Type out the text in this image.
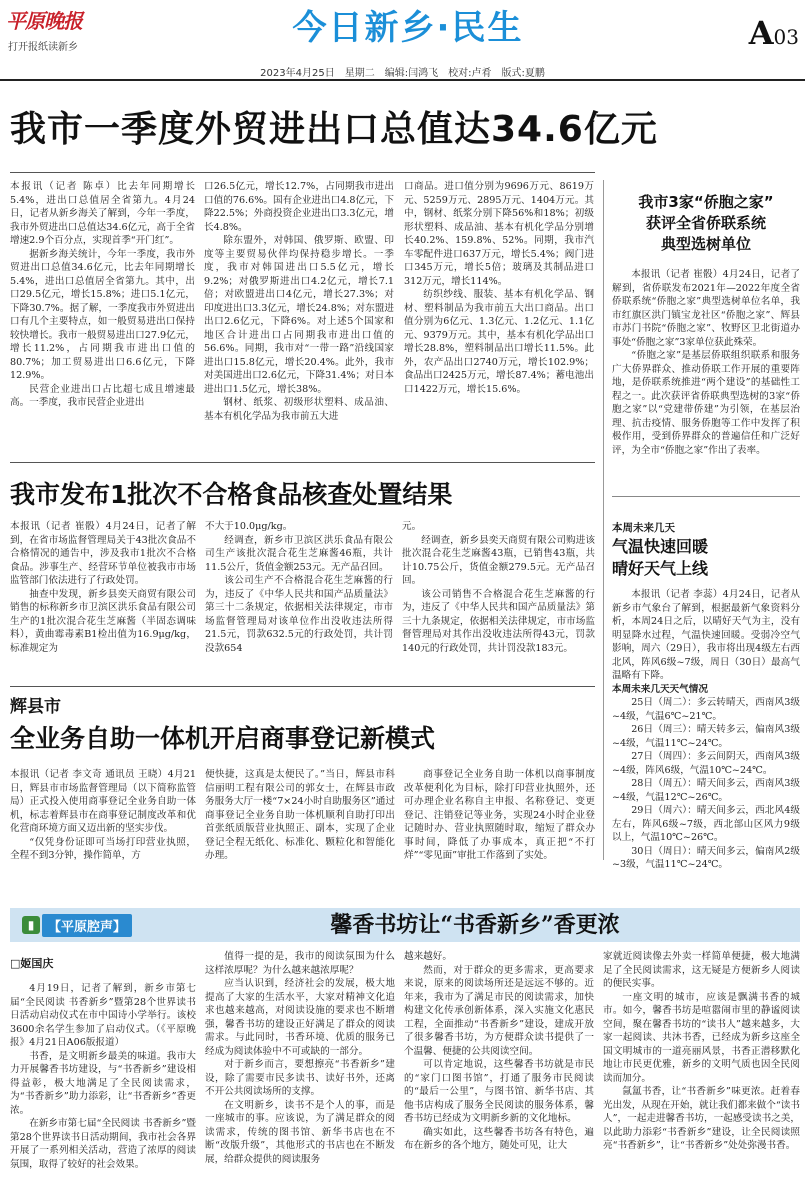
平原晚报
打开报纸读新乡	今日新乡·民生	A03
2023年4月25日　星期二　编辑:闫鸿飞　校对:卢肴　版式:夏鹏
我市一季度外贸进出口总值达34.6亿元

本报讯（记者 陈卓）比去年同期增长5.4%，进出口总值居全省第九。4月24日，记者从新乡海关了解到，今年一季度，我市外贸进出口总值达34.6亿元，高于全省增速2.9个百分点，实现首季“开门红”。

据新乡海关统计，今年一季度，我市外贸进出口总值34.6亿元，比去年同期增长5.4%，进出口总值居全省第九。其中，出口29.5亿元，增长15.8%；进口5.1亿元，下降30.7%。据了解，一季度我市外贸进出口有几个主要特点，如一般贸易进出口保持较快增长。我市一般贸易进出口27.9亿元，增长11.2%，占同期我市进出口值的80.7%；加工贸易进出口6.6亿元，下降12.9%。

民营企业进出口占比超七成且增速最高。一季度，我市民营企业进出

口26.5亿元，增长12.7%，占同期我市进出口值的76.6%。国有企业进出口4.8亿元，下降22.5%；外商投资企业进出口3.3亿元，增长4.8%。

除东盟外，对韩国、俄罗斯、欧盟、印度等主要贸易伙伴均保持稳步增长。一季度，我市对韩国进出口5.5亿元，增长9.2%；对俄罗斯进出口4.2亿元，增长7.1倍；对欧盟进出口4亿元，增长27.3%；对印度进出口3.3亿元，增长24.8%；对东盟进出口2.6亿元，下降6%。对上述5个国家和地区合计进出口占同期我市进出口值的56.6%。同期，我市对“一带一路”沿线国家进出口15.8亿元，增长20.4%。此外，我市对美国进出口2.6亿元，下降31.4%；对日本进出口1.5亿元，增长38%。

钢材、纸浆、初级形状塑料、成品油、基本有机化学品为我市前五大进

口商品。进口值分别为9696万元、8619万元、5259万元、2895万元、1404万元。其中，钢材、纸浆分别下降56%和18%；初级形状塑料、成品油、基本有机化学品分别增长40.2%、159.8%、52%。同期，我市汽车零配件进口637万元，增长5.4%；阀门进口345万元，增长5倍；玻璃及其制品进口312万元，增长114%。

纺织纱线、服装、基本有机化学品、钢材、塑料制品为我市前五大出口商品。出口值分别为6亿元、1.3亿元、1.2亿元、1.1亿元、9379万元。其中，基本有机化学品出口增长28.8%，塑料制品出口增长11.5%。此外，农产品出口2740万元，增长102.9%；食品出口2425万元，增长87.4%；蓄电池出口1422万元，增长15.6%。

我市3家“侨胞之家”
获评全省侨联系统
典型选树单位

本报讯（记者 崔骰）4月24日，记者了解到，省侨联发布2021年—2022年度全省侨联系统“侨胞之家”典型选树单位名单，我市红旗区洪门镇宝龙社区“侨胞之家”、辉县市苏门书院“侨胞之家”、牧野区卫北街道办事处“侨胞之家”3家单位获此殊荣。

“侨胞之家”是基层侨联组织联系和服务广大侨界群众、推动侨联工作开展的重要阵地，是侨联系统推进“两个建设”的基础性工程之一。此次获评省侨联典型选树的3家“侨胞之家”以“党建带侨建”为引领，在基层治理、抗击疫情、服务侨胞等工作中发挥了积极作用，受到侨界群众的普遍信任和广泛好评，为全市“侨胞之家”作出了表率。

本周未来几天
气温快速回暖
晴好天气上线

本报讯（记者 李蕊）4月24日，记者从新乡市气象台了解到，根据最新气象资料分析，本周24日之后，以晴好天气为主，没有明显降水过程，气温快速回暖。受弱冷空气影响，周六（29日），我市将出现4级左右西北风，阵风6级~7级，周日（30日）最高气温略有下降。

本周未来几天天气情况

25日（周二）：多云转晴天，西南风3级~4级，气温6℃~21℃。

26日（周三）：晴天转多云，偏南风3级~4级，气温11℃~24℃。

27日（周四）：多云间阴天，西南风3级~4级，阵风6级，气温10℃~24℃。

28日（周五）：晴天间多云，西南风3级~4级，气温12℃~26℃。

29日（周六）：晴天间多云，西北风4级左右，阵风6级~7级，西北部山区风力9级以上，气温10℃~26℃。

30日（周日）：晴天间多云，偏南风2级~3级，气温11℃~24℃。

我市发布1批次不合格食品核查处置结果

本报讯（记者 崔骰）4月24日，记者了解到，在省市场监督管理局关于43批次食品不合格情况的通告中，涉及我市1批次不合格食品。涉事生产、经营环节单位被我市市场监管部门依法进行了行政处罚。

抽查中发现，新乡县奕天商贸有限公司销售的标称新乡市卫滨区洪乐食品有限公司生产的1批次混合花生芝麻酱（半固态调味料），黄曲霉毒素B1检出值为16.9μg/kg，标准规定为

不大于10.0μg/kg。

经调查，新乡市卫滨区洪乐食品有限公司生产该批次混合花生芝麻酱46瓶，共计11.5公斤，货值金额253元。无产品召回。

该公司生产不合格混合花生芝麻酱的行为，违反了《中华人民共和国产品质量法》第三十二条规定，依据相关法律规定，市市场监督管理局对该单位作出没收违法所得21.5元，罚款632.5元的行政处罚，共计罚没款654

元。

经调查，新乡县奕天商贸有限公司购进该批次混合花生芝麻酱43瓶，已销售43瓶，共计10.75公斤，货值金额279.5元。无产品召回。

该公司销售不合格混合花生芝麻酱的行为，违反了《中华人民共和国产品质量法》第三十九条规定，依据相关法律规定，市市场监督管理局对其作出没收违法所得43元，罚款140元的行政处罚，共计罚没款183元。

辉县市
全业务自助一体机开启商事登记新模式

本报讯（记者 李文奇 通讯员 王晓）4月21日，辉县市市场监督管理局（以下简称监管局）正式投入使用商事登记全业务自助一体机，标志着辉县市在商事登记制度改革和优化营商环境方面又迈出新的坚实步伐。

“仅凭身份证即可当场打印营业执照，全程不到3分钟，操作简单，方

便快捷，这真是太便民了。”当日，辉县市科信丽明工程有限公司的郭女士，在辉县市政务服务大厅一楼“7×24小时自助服务区”通过商事登记全业务自助一体机顺利自助打印出首张纸质版营业执照正、副本，实现了企业登记全程无纸化、标准化、颗粒化和智能化办理。

商事登记全业务自助一体机以商事制度改革便利化为目标，除打印营业执照外，还可办理企业名称自主申报、名称登记、变更登记、注销登记等业务，实现24小时企业登记随时办、营业执照随时取，缩短了群众办事时间，降低了办事成本，真正把“不打烊”“零见面”审批工作落到了实处。

▮	【平原腔声】	馨香书坊让“书香新乡”香更浓
□姬国庆

4月19日，记者了解到，新乡市第七届“全民阅读 书香新乡”暨第28个世界读书日活动启动仪式在市中国诗小学举行。该校3600余名学生参加了启动仪式。（《平原晚报》4月21日A06版报道）

书香，是文明新乡最美的味道。我市大力开展馨香书坊建设，与“书香新乡”建设相得益彰，极大地满足了全民阅读需求，为“书香新乡”助力添彩，让“书香新乡”香更浓。

在新乡市第七届“全民阅读 书香新乡”暨第28个世界读书日活动期间，我市社会各界开展了一系列相关活动，营造了浓厚的阅读氛围，取得了较好的社会效果。

值得一提的是，我市的阅读氛围为什么这样浓厚呢？为什么越来越浓厚呢？

应当认识到，经济社会的发展，极大地提高了大家的生活水平，大家对精神文化追求也越来越高，对阅读设施的要求也不断增强，馨香书坊的建设正好满足了群众的阅读需求。与此同时，书香环境、优质的服务已经成为阅读体验中不可或缺的一部分。

对于新乡而言，要想擦亮“书香新乡”建设，除了需要市民多读书、读好书外，还离不开公共阅读场所的支撑。

在文明新乡，读书不是个人的事，而是一座城市的事。应该说，为了满足群众的阅读需求，传统的图书馆、新华书店也在不断“改版升级”，其他形式的书店也在不断发展，给群众提供的阅读服务

越来越好。

然而，对于群众的更多需求，更高要求来说，原来的阅读场所还是远远不够的。近年来，我市为了满足市民的阅读需求，加快构建文化传承创新体系，深入实施文化惠民工程，全面推动“书香新乡”建设，建成开放了很多馨香书坊，为方便群众读书提供了一个温馨、便捷的公共阅读空间。

可以肯定地说，这些馨香书坊就是市民的“家门口图书馆”，打通了服务市民阅读的“最后一公里”，与图书馆、新华书店、其他书店构成了服务全民阅读的服务体系，馨香书坊已经成为文明新乡新的文化地标。

确实如此，这些馨香书坊各有特色，遍布在新乡的各个地方，随处可见，让大

家就近阅读像去外卖一样简单便捷，极大地满足了全民阅读需求，这无疑是方便新乡人阅读的便民实事。

一座文明的城市，应该是飘满书香的城市。如今，馨香书坊是喧嚣闹市里的静谧阅读空间，聚在馨香书坊的“读书人”越来越多，大家一起阅读、共沐书香，已经成为新乡这座全国文明城市的一道亮丽风景，书香正潜移默化地让市民更优雅，新乡的文明气质也因全民阅读而加分。

氤氲书香，让“书香新乡”味更浓。赶着春光出发，从现在开始，就让我们都来做个“读书人”，一起走进馨香书坊，一起感受读书之美，以此助力添彩“书香新乡”建设，让全民阅读照亮“书香新乡”，让“书香新乡”处处弥漫书香。
